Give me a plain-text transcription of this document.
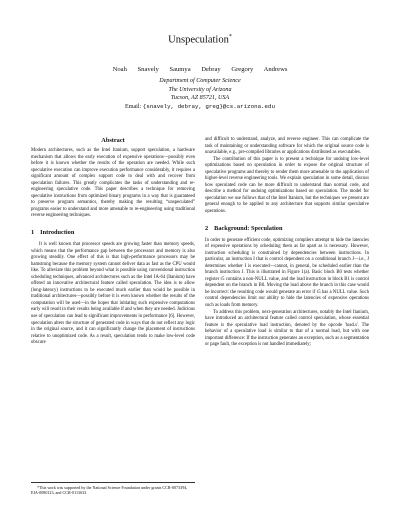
Unspeculation*
Noah Snavely Saumya Debray Gregory Andrews
Department of Computer Science
The University of Arizona
Tucson, AZ 85721, USA
Email: {snavely, debray, greg}@cs.arizona.edu
Abstract

Modern architectures, such as the Intel Itanium, support speculation, a hardware mechanism that allows the early execution of expensive operations—possibly even before it is known whether the results of the operation are needed. While such speculative execution can improve execution performance considerably, it requires a significant amount of complex support code to deal with and recover from speculation failures. This greatly complicates the tasks of understanding and re-engineering speculative code. This paper describes a technique for removing speculative instructions from optimized binary programs in a way that is guaranteed to preserve program semantics, thereby making the resulting “unspeculated” programs easier to understand and more amenable to re-engineering using traditional reverse engineering techniques.

1 Introduction

It is well known that processor speeds are growing faster than memory speeds, which means that the performance gap between the processors and memory is also growing steadily. One effect of this is that high-performance processors may be hamstrung because the memory system cannot deliver data as fast as the CPU would like. To alleviate this problem beyond what is possible using conventional instruction scheduling techniques, advanced architectures such as the Intel IA-64 (Itanium) have offered an innovative architectural feature called speculation. The idea is to allow (long-latency) instructions to be executed much earlier than would be possible in traditional architectures—possibly before it is even known whether the results of the computation will be used—in the hopes that initiating such expensive computations early will result in their results being available if and when they are needed. Judicious use of speculation can lead to significant improvements in performance [6]. However, speculation alters the structure of generated code in ways that do not reflect any logic in the original source, and it can significantly change the placement of instructions relative to unoptimized code. As a result, speculation tends to make low-level code obscure

and difficult to understand, analyze, and reverse engineer. This can complicate the task of maintaining or understanding software for which the original source code is unavailable, e.g., pre-compiled libraries or applications distributed as executables.

The contribution of this paper is to present a technique for undoing low-level optimizations based on speculation in order to expose the original structure of speculative programs and thereby to render them more amenable to the application of higher-level reverse engineering tools. We explain speculation in some detail, discuss how speculated code can be more difficult to understand than normal code, and describe a method for undoing optimizations based on speculation. The model for speculation we use follows that of the Intel Itanium, but the techniques we present are general enough to be applied to any architecture that supports similar speculative operations.

2 Background: Speculation

In order to generate efficient code, optimizing compilers attempt to hide the latencies of expensive operations by scheduling them as far apart as is necessary. However, instruction scheduling is constrained by dependencies between instructions. In particular, an instruction I that is control dependent on a conditional branch J—i.e., J determines whether I is executed—cannot, in general, be scheduled earlier than the branch instruction J. This is illustrated in Figure 1(a). Basic block B0 tests whether register r5 contains a non-NULL value, and the load instruction in block B1 is control dependent on the branch in B0. Moving the load above the branch in this case would be incorrect: the resulting code would generate an error if r5 has a NULL value. Such control dependencies limit our ability to hide the latencies of expensive operations such as loads from memory.

To address this problem, next-generation architectures, notably the Intel Itanium, have introduced an architectural feature called control speculation, whose essential feature is the speculative load instruction, denoted by the opcode 'load.s'. The behavior of a speculative load is similar to that of a normal load, but with one important difference: If the instruction generates an exception, such as a segmentation or page fault, the exception is not handled immediately;

*This work was supported by the National Science Foundation under grants CCR-0073394, EIA-0080123, and CCR-0113633.
